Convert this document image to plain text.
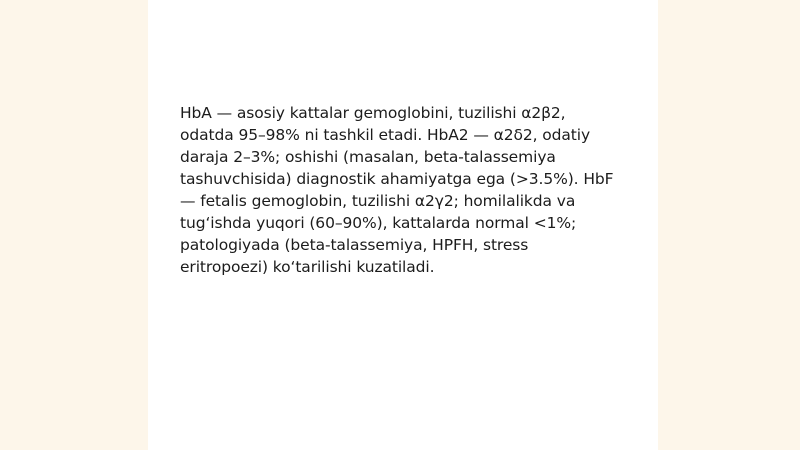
HbA — asosiy kattalar gemoglobini, tuzilishi α2β2, odatda 95–98% ni tashkil etadi. HbA2 — α2δ2, odatiy daraja 2–3%; oshishi (masalan, beta-talassemiya tashuvchisida) diagnostik ahamiyatga ega (>3.5%). HbF — fetalis gemoglobin, tuzilishi α2γ2; homilalikda va tug‘ishda yuqori (60–90%), kattalarda normal <1%; patologiyada (beta-talassemiya, HPFH, stress eritropoezi) ko‘tarilishi kuzatiladi.
